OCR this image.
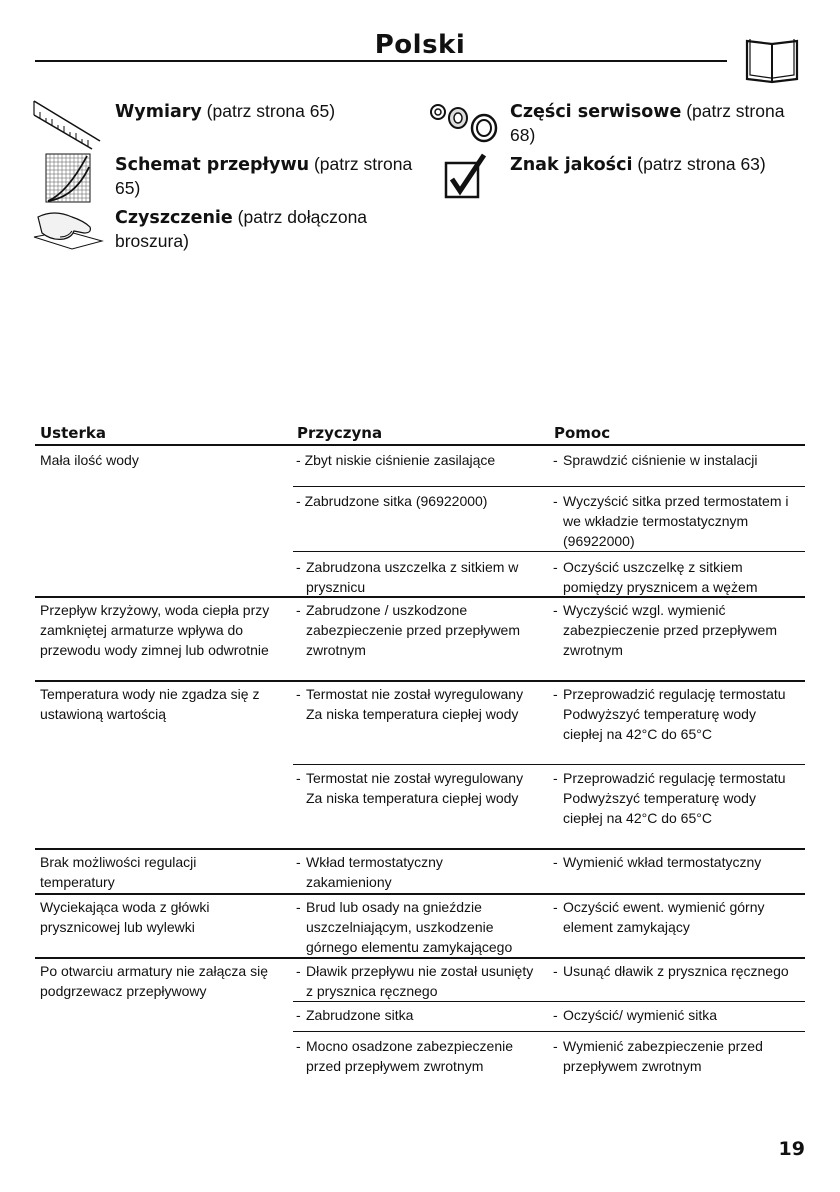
Polski
Wymiary (patrz strona 65)
Schemat przepływu (patrz strona 65)
Czyszczenie (patrz dołączona broszura)
Części serwisowe (patrz strona 68)
Znak jakości (patrz strona 63)
Usterka	Przyczyna	Pomoc
Mała ilość wody
Przepływ krzyżowy, woda ciepła przy zamkniętej armaturze wpływa do przewodu wody zimnej lub odwrotnie
Temperatura wody nie zgadza się z ustawioną wartością
Brak możliwości regulacji temperatury
Wyciekająca woda z główki prysznicowej lub wylewki
Po otwarciu armatury nie załącza się podgrzewacz przepływowy
- Zbyt niskie ciśnienie zasilające
- Zabrudzone sitka (96922000)
- Zabrudzona uszczelka z sitkiem w prysznicu
- Zabrudzone / uszkodzone zabezpieczenie przed przepływem zwrotnym
- Termostat nie został wyregulowany
Za niska temperatura ciepłej wody
- Termostat nie został wyregulowany
Za niska temperatura ciepłej wody
- Wkład termostatyczny zakamieniony
- Brud lub osady na gnieździe uszczelniającym, uszkodzenie górnego elementu zamykającego
- Dławik przepływu nie został usunięty z prysznica ręcznego
- Zabrudzone sitka
- Mocno osadzone zabezpieczenie przed przepływem zwrotnym
- Sprawdzić ciśnienie w instalacji
- Wyczyścić sitka przed termostatem i we wkładzie termostatycznym (96922000)
- Oczyścić uszczelkę z sitkiem pomiędzy prysznicem a wężem
- Wyczyścić wzgl. wymienić zabezpieczenie przed przepływem zwrotnym
- Przeprowadzić regulację termostatu
Podwyższyć temperaturę wody ciepłej na 42°C do 65°C
- Przeprowadzić regulację termostatu
Podwyższyć temperaturę wody ciepłej na 42°C do 65°C
- Wymienić wkład termostatyczny
- Oczyścić ewent. wymienić górny element zamykający
- Usunąć dławik z prysznica ręcznego
- Oczyścić/ wymienić sitka
- Wymienić zabezpieczenie przed przepływem zwrotnym
19
